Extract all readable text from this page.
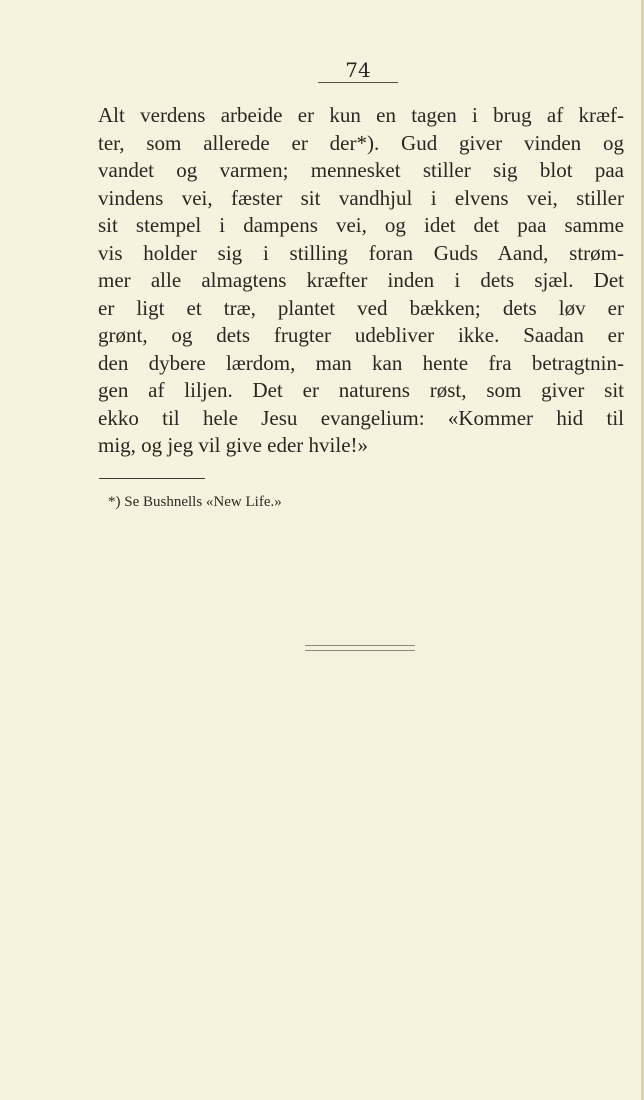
74
Alt verdens arbeide er kun en tagen i brug af kræf-
ter, som allerede er der*). Gud giver vinden og
vandet og varmen; mennesket stiller sig blot paa
vindens vei, fæster sit vandhjul i elvens vei, stiller
sit stempel i dampens vei, og idet det paa samme
vis holder sig i stilling foran Guds Aand, strøm-
mer alle almagtens kræfter inden i dets sjæl. Det
er ligt et træ, plantet ved bækken; dets løv er
grønt, og dets frugter udebliver ikke. Saadan er
den dybere lærdom, man kan hente fra betragtnin-
gen af liljen. Det er naturens røst, som giver sit
ekko til hele Jesu evangelium: «Kommer hid til
mig, og jeg vil give eder hvile!»
*) Se Bushnells «New Life.»
